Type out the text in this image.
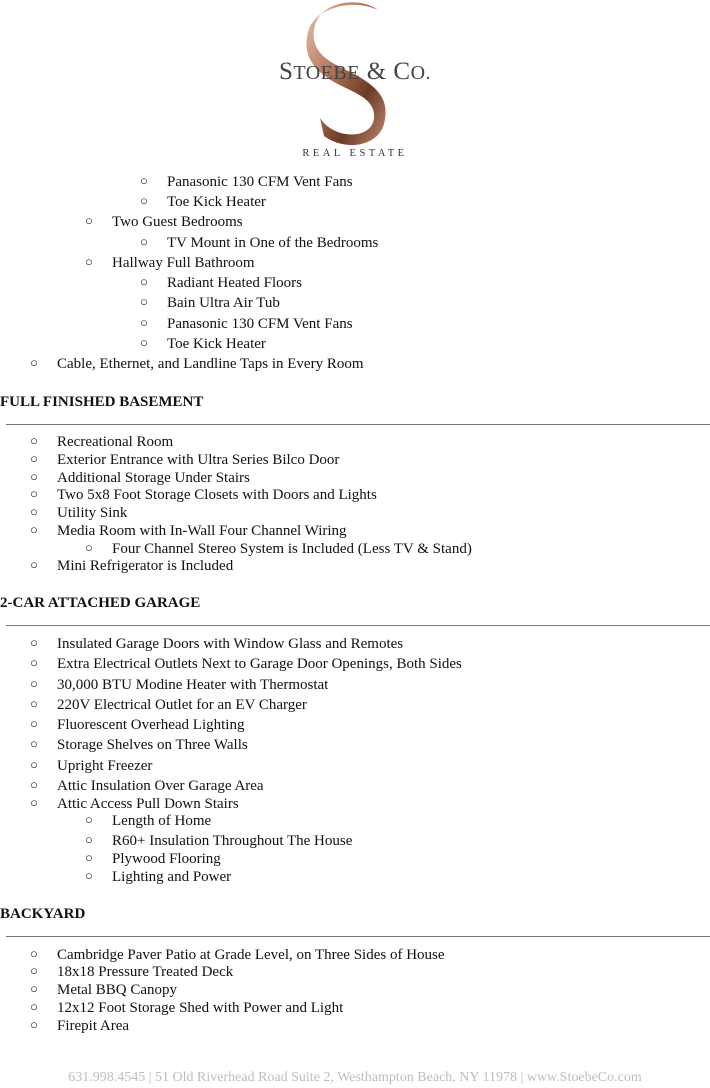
STOEBE & CO.
REAL ESTATE
○ Panasonic 130 CFM Vent Fans
○ Toe Kick Heater
○ Two Guest Bedrooms
○ TV Mount in One of the Bedrooms
○ Hallway Full Bathroom
○ Radiant Heated Floors
○ Bain Ultra Air Tub
○ Panasonic 130 CFM Vent Fans
○ Toe Kick Heater
○ Cable, Ethernet, and Landline Taps in Every Room
FULL FINISHED BASEMENT
○ Recreational Room
○ Exterior Entrance with Ultra Series Bilco Door
○ Additional Storage Under Stairs
○ Two 5x8 Foot Storage Closets with Doors and Lights
○ Utility Sink
○ Media Room with In-Wall Four Channel Wiring
○ Four Channel Stereo System is Included (Less TV & Stand)
○ Mini Refrigerator is Included
2-CAR ATTACHED GARAGE
○ Insulated Garage Doors with Window Glass and Remotes
○ Extra Electrical Outlets Next to Garage Door Openings, Both Sides
○ 30,000 BTU Modine Heater with Thermostat
○ 220V Electrical Outlet for an EV Charger
○ Fluorescent Overhead Lighting
○ Storage Shelves on Three Walls
○ Upright Freezer
○ Attic Insulation Over Garage Area
○ Attic Access Pull Down Stairs
○ Length of Home
○ R60+ Insulation Throughout The House
○ Plywood Flooring
○ Lighting and Power
BACKYARD
○ Cambridge Paver Patio at Grade Level, on Three Sides of House
○ 18x18 Pressure Treated Deck
○ Metal BBQ Canopy
○ 12x12 Foot Storage Shed with Power and Light
○ Firepit Area
631.998.4545 | 51 Old Riverhead Road Suite 2, Westhampton Beach, NY 11978 | www.StoebeCo.com
